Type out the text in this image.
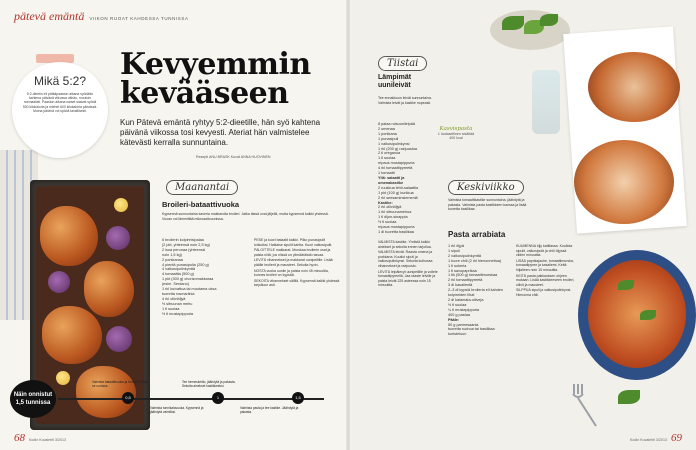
pätevä emäntä VIIKON RUOAT KAHDESSA TUNNISSA
Mikä 5:2?
5:2-dieetin eli pätkäpaaston aikana syödään kahtena päivänä viikossa vähän, muutoin normaalisti. Paaston aikana naiset saavat syödä 500 kilokaloria ja miehet 600 kilokaloria päivässä. Muina päivinä voi syödä tavallisesti.
Kevyemmin
kevääseen
Kun Pätevä emäntä ryhtyy 5:2-dieetille, hän syö kahtena päivänä viikossa tosi kevyesti. Ateriat hän valmistelee kätevästi kerralla sunnuntaina.
Resepti ANU BRASK Kuvat ANNA HUOVINEN
Maanantai
Broileri-bataattivuoka
Kypsennä sunnuntaina kaveria makkaroita broileri. Jatka tässä ovat jäljellä, mutta kypsennä kaikki yhdessä. Vuoan voi lämmittää mikroaaltouunissa.
6 broilerin koipireisipalaa
(2 pkt, yhteensä noin 2,5 kg)
2 isoa perunaa (yhteensä
noin 1,5 kg)
2 porkkanaa
4 pientä punasipulia (250 g)
4 valkosipulinkynttä
4 tomaattia (500 g)
1 pkt (300 g) chorizomakkaraa
(esim. Serdano)
1 rkl kuivattua tai muutama oksa
tuoretta rosmariinia
4 rkl oliiviöljyä
½ sitruunan mehu
1 tl suolaa
½ tl mustapippuria

PESE ja kuori bataatit kaikki. Pilko punasipulit lohkoiksi. Halkaise sipulit kahtia. Kuori valkosipulit.

PALOITTELE makkarat. Murskaa broilerin osat ja paista niitä, jos niissä on ylimääräistä rasvaa.

LEVITÄ vihannekset ja makkarat uunipeltille. Lisää päälle broilerit ja mausteet. Sekoita hyvin.

NOSTA vuoka uuniin ja paista noin 45 minuuttia, kunnes broileri on kypsää.

SEKOITA vihannekset välillä. Kypsennä kaikki yhdessä tarjoiluun asti.

Näin onnistut 1,5 tunnissa
0,5	1	1,5
Valmista bataattivuoka ja broileri. Paista ne uunissa.
Tee herneskeitto, jäähdytä ja pakasta. Sekoita ainekset kastikkeeksi.
Valmista pasta ja tee kastike. Jäähdytä ja pakasta.
Valmista tonnikalavuoka. Kypsennä ja jäähdytä valmiiksi.
68 Kodin Kuvalehti 3/2013
Tiistai
Lämpimät
uunileivät
Tee ennakkoon leivät sunnuntaina. Valmista leivät ja kastike nopeasti.
Kasvispasta
1 lautasellinen sisältää 400 kcal
8 palaa ruisuunileipää
2 omenaa
1 porkkana
1 punasipuli
1 valkosipulinkynsi
1 rkl (200 g) raejuustoa
2 tl oreganoa
1 tl suolaa
rripaus mustapippuria
4 rkl tomaattipyreetä
1 tomaatti
Yllä: salaatti ja
omenakastike
2 ruukkua lehti-salaattia
1 pkt (100 g) kurkkua
2 rkl seesaminsiemeniä
Kastike:
2 rkl oliiviöljyä
1 rkl sitruunamehua
1 tl dijon-sinappia
½ tl suolaa
rripaus mustapippuria
1 dl tuoretta basilikaa

VALMISTA kastike. Yhdistä kaikki ainekset ja sekoita ennen tarjoilua.

VALMISTA leivät. Raasta omena ja porkkana. Kuutioi sipuli ja valkosipulinkynsi. Sekoita kulhossa vihannekset ja raejuusto.

LEVITÄ leipälevyt uunipellille ja voitele tomaattipyreellä. Jaa raaste leiville ja paista leivät 225 asteessa noin 15 minuuttia.

Keskiviikko
Valmista tomaattikastike sunnuntaina, jäähdytä ja pakasta. Valmista pasta kastikkeen kanssa ja lisää tuoretta basilikaa.
Pasta arrabiata
1 rkl öljyä
1 sipuli
2 valkosipulinkynttä
1 tuore chili (2 rkl hienonnettua)
1 tl sokeria
1 tl savupaprikaa
1 tlk (500 g) tomaattimurskaa
2 rkl tomaattipyreetä
3 dl kasalientä
2–3 dl kypsiä broileria eli kahden koipireiden lihat
2 dl kalamata-oliiveja
½ tl suolaa
¼ tl mustapippuria
400 g pastaa
Pääle:
50 g parmesaania
tuoretta ruohoa tai basilikaa koristeluun

KUUMENNA öljy kattilassa. Kuullota sipulit, valkosipulit ja chili öljyssä viiden minuuttia.

LISÄÄ paprikajauhe, tomaattimurska, tomaattipyree ja kasaliemi. Keitä hiljalleen noin 15 minuuttia.

KEITÄ pasta pakkauksen ohjeen mukaan. Lisää kastikkeeseen broileri, oliivit ja mausteet.

SILPPUA sipuli ja valkosipulinkynsi. Hienonna chili.

Kodin Kuvalehti 3/2013 69
